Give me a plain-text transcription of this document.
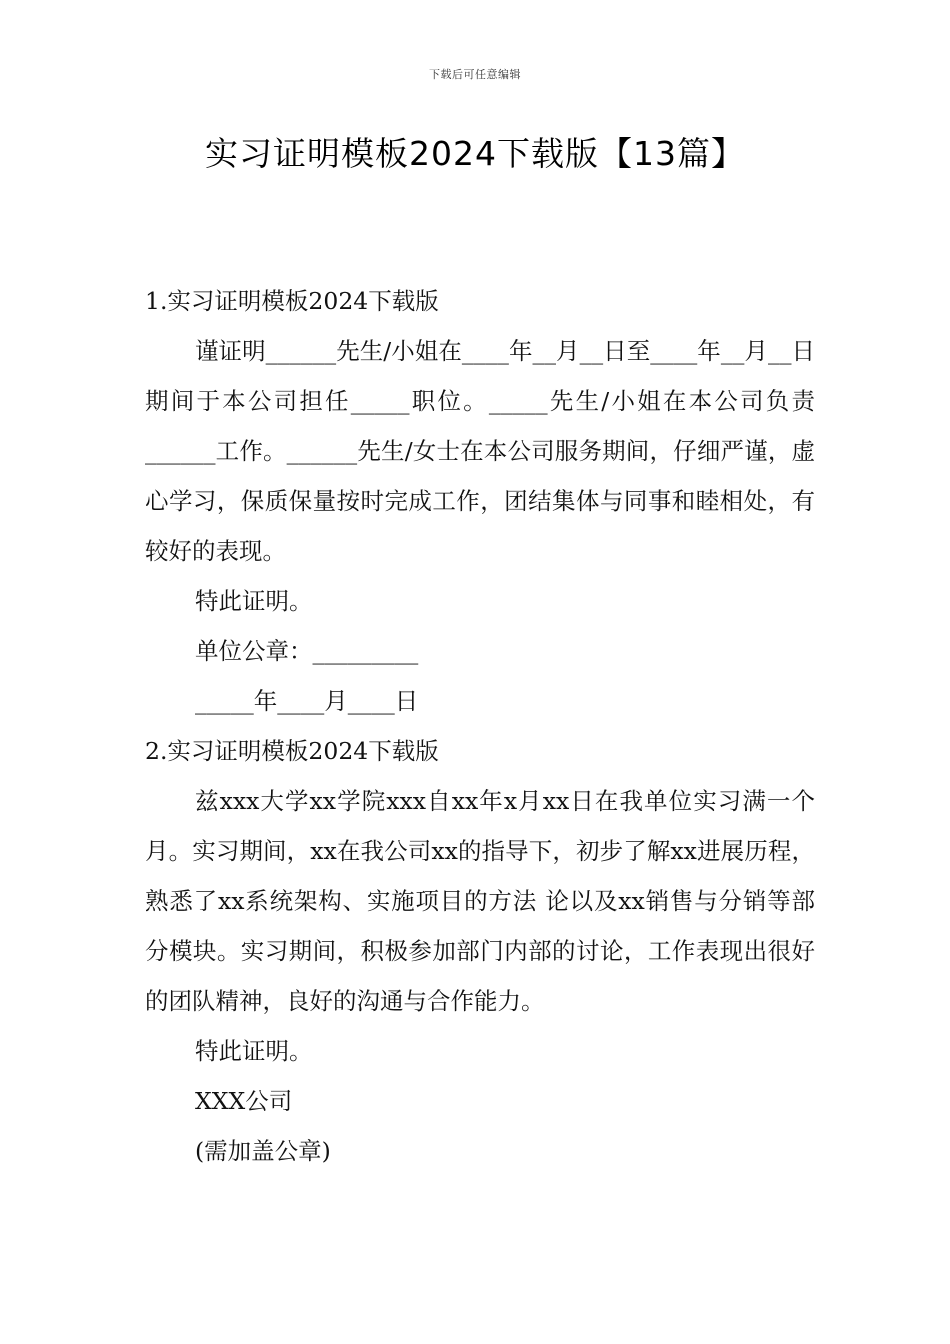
下载后可任意编辑
实习证明模板2024下载版【13篇】

1.实习证明模板2024下载版

谨证明______先生/小姐在____年__月__日至____年__月__日期间于本公司担任_____职位。_____先生/小姐在本公司负责______工作。______先生/女士在本公司服务期间，仔细严谨，虚心学习，保质保量按时完成工作，团结集体与同事和睦相处，有较好的表现。

特此证明。

单位公章：_________

_____年____月____日

2.实习证明模板2024下载版

兹xxx大学xx学院xxx自xx年x月xx日在我单位实习满一个月。实习期间，xx在我公司xx的指导下，初步了解xx进展历程，熟悉了xx系统架构、实施项目的方法 论以及xx销售与分销等部分模块。实习期间，积极参加部门内部的讨论，工作表现出很好的团队精神，良好的沟通与合作能力。

特此证明。

XXX公司

(需加盖公章)
